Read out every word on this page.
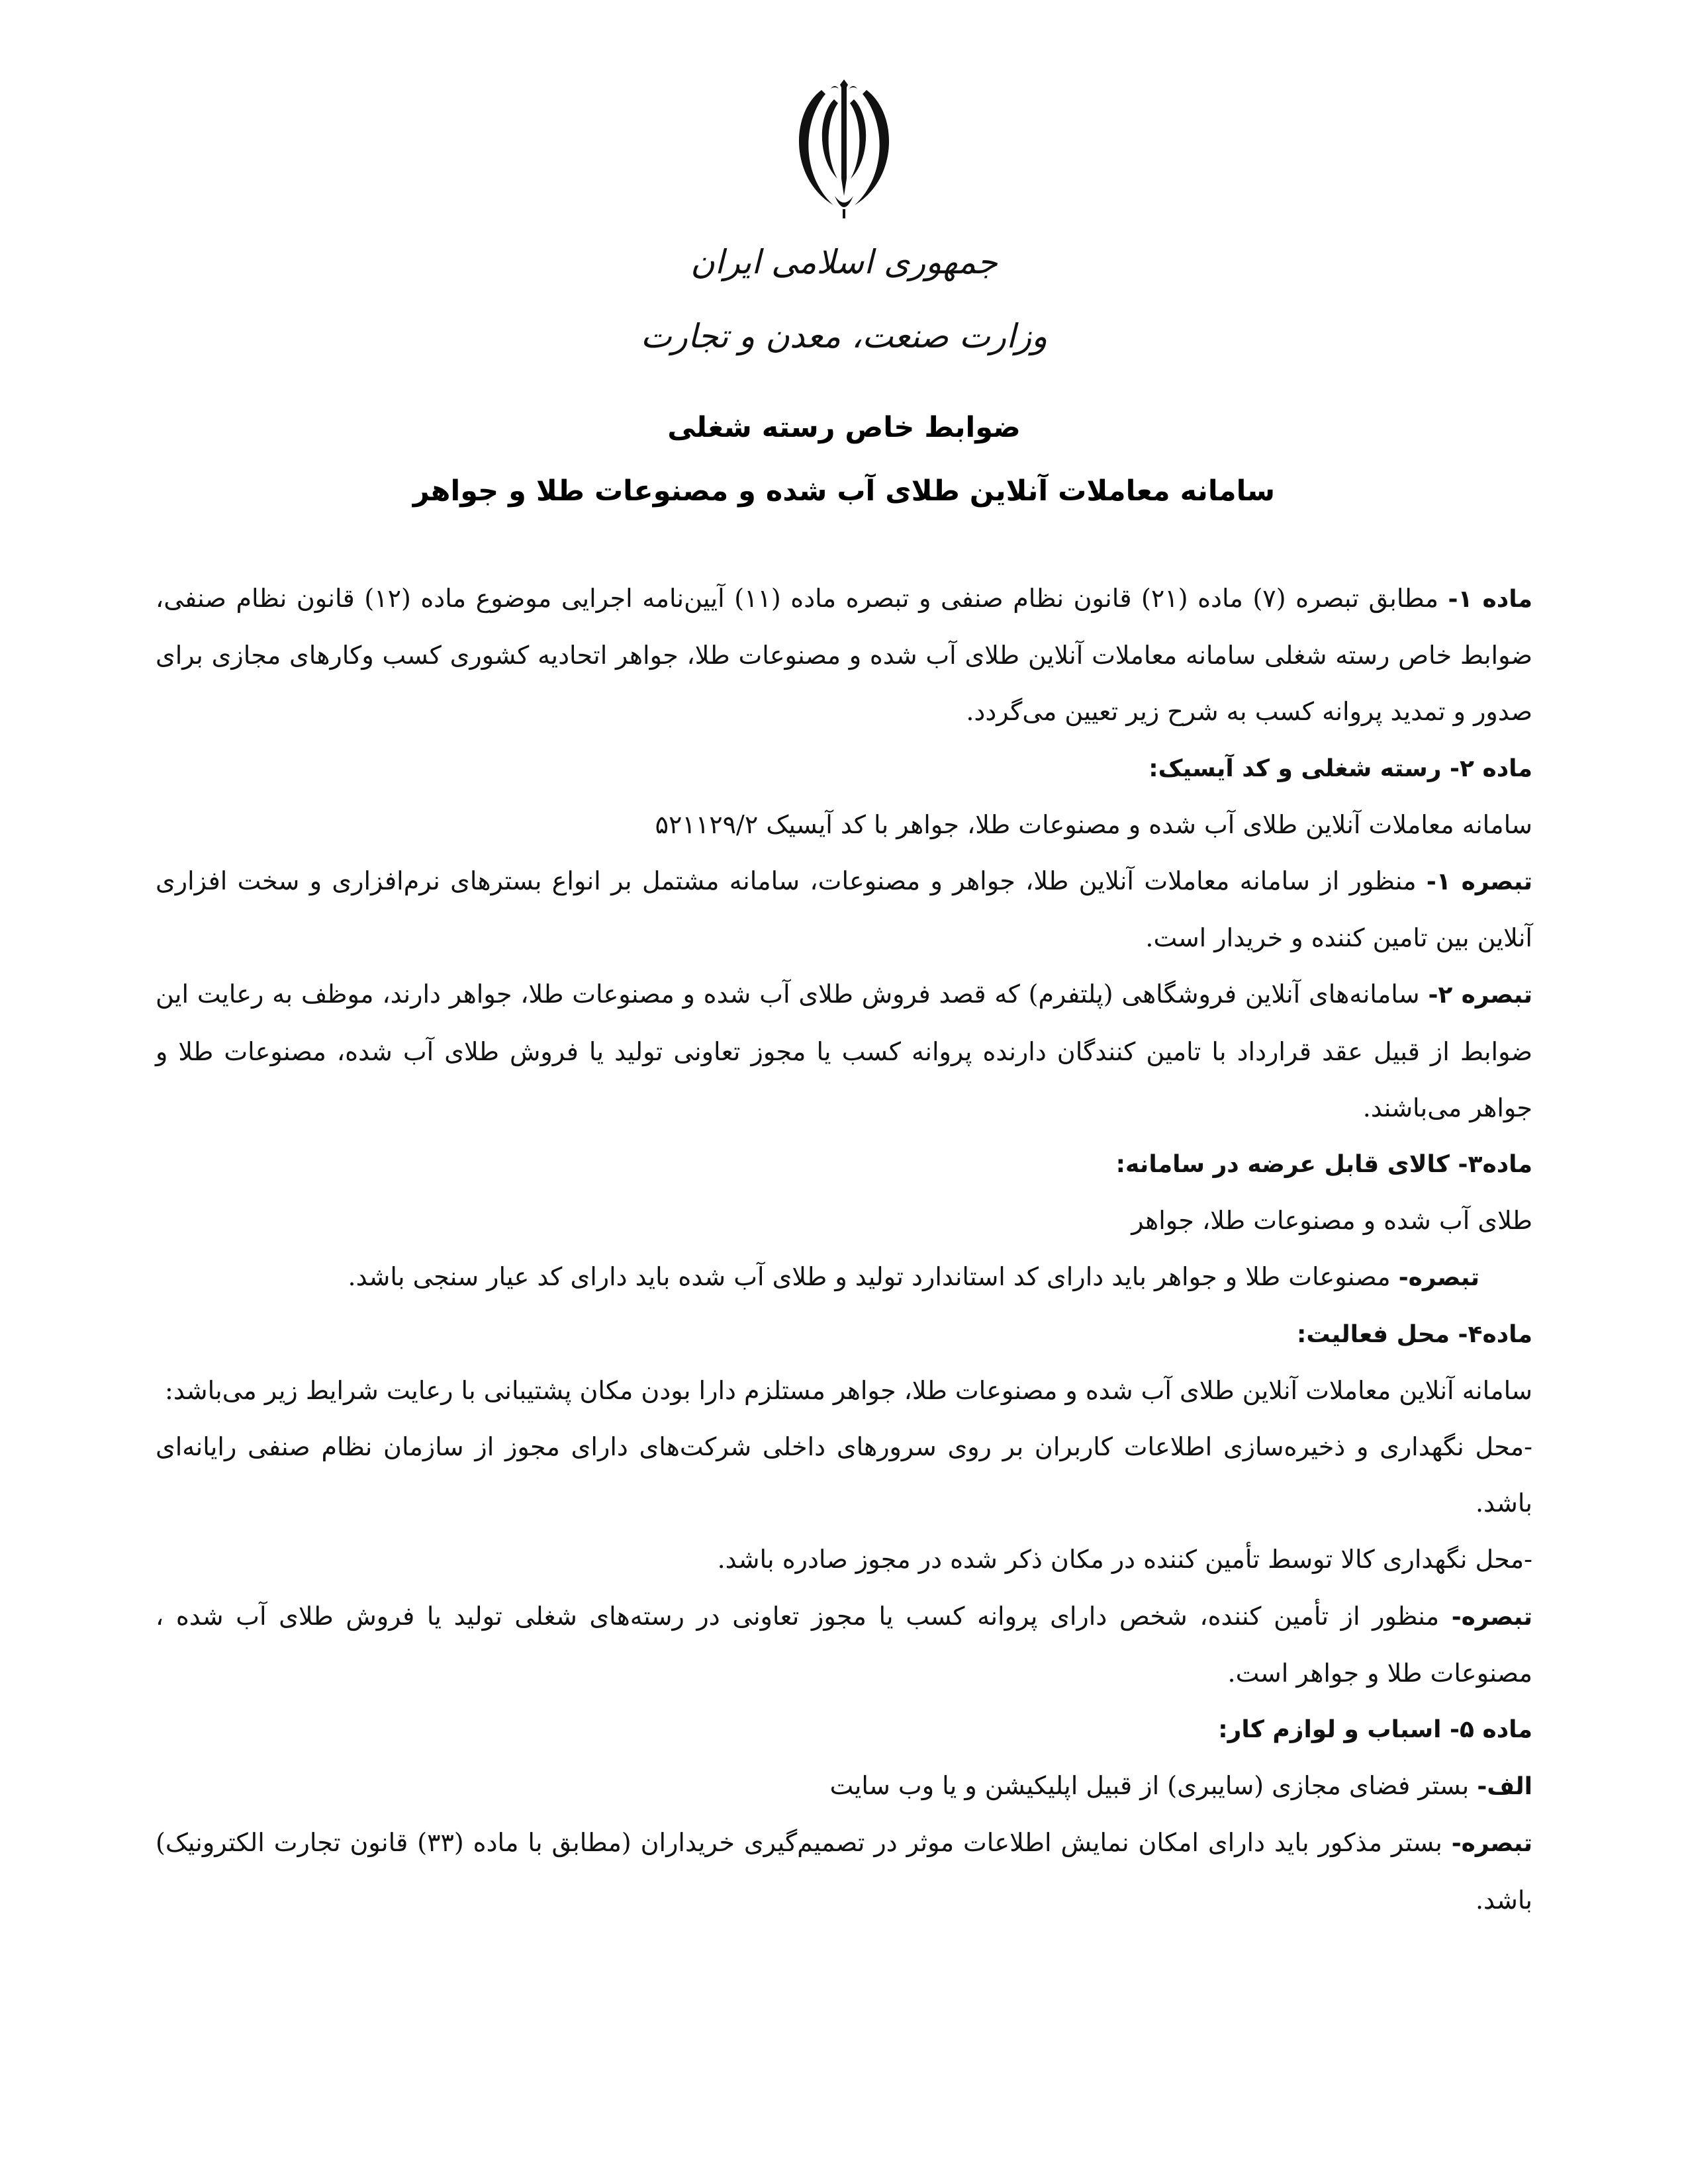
جمهوری اسلامی ایران
وزارت صنعت، معدن و تجارت
ضوابط خاص رسته شغلی
سامانه معاملات آنلاین طلای آب شده و مصنوعات طلا و جواهر

ماده ۱- مطابق تبصره (۷) ماده (۲۱) قانون نظام صنفی و تبصره ماده (۱۱) آیین‌نامه اجرایی موضوع ماده (۱۲) قانون نظام صنفی، ضوابط خاص رسته شغلی سامانه معاملات آنلاین طلای آب شده و مصنوعات طلا، جواهر اتحادیه کشوری کسب وکارهای مجازی برای صدور و تمدید پروانه کسب به شرح زیر تعیین می‌گردد.

ماده ۲- رسته شغلی و کد آیسیک:

سامانه معاملات آنلاین طلای آب شده و مصنوعات طلا، جواهر با کد آیسیک ۵۲۱۱۲۹/۲

تبصره ۱- منظور از سامانه معاملات آنلاین طلا، جواهر و مصنوعات، سامانه مشتمل بر انواع بسترهای نرم‌افزاری و سخت افزاری آنلاین بین تامین کننده و خریدار است.

تبصره ۲- سامانه‌های آنلاین فروشگاهی (پلتفرم) که قصد فروش طلای آب شده و مصنوعات طلا، جواهر دارند، موظف به رعایت این ضوابط از قبیل عقد قرارداد با تامین کنندگان دارنده پروانه کسب یا مجوز تعاونی تولید یا فروش طلای آب شده، مصنوعات طلا و جواهر می‌باشند.

ماده۳- کالای قابل عرضه در سامانه:

طلای آب شده و مصنوعات طلا، جواهر

تبصره- مصنوعات طلا و جواهر باید دارای کد استاندارد تولید و طلای آب شده باید دارای کد عیار سنجی باشد.

ماده۴- محل فعالیت:

سامانه آنلاین معاملات آنلاین طلای آب شده و مصنوعات طلا، جواهر مستلزم دارا بودن مکان پشتیبانی با رعایت شرایط زیر می‌باشد:

-محل نگهداری و ذخیره‌سازی اطلاعات کاربران بر روی سرورهای داخلی شرکت‌های دارای مجوز از سازمان نظام صنفی رایانه‌ای باشد.

-محل نگهداری کالا توسط تأمین کننده در مکان ذکر شده در مجوز صادره باشد.

تبصره- منظور از تأمین کننده، شخص دارای پروانه کسب یا مجوز تعاونی در رسته‌های شغلی تولید یا فروش طلای آب شده ، مصنوعات طلا و جواهر است.

ماده ۵- اسباب و لوازم کار:

الف- بستر فضای مجازی (سایبری) از قبیل اپلیکیشن و یا وب سایت

تبصره- بستر مذکور باید دارای امکان نمایش اطلاعات موثر در تصمیم‌گیری خریداران (مطابق با ماده (۳۳) قانون تجارت الکترونیک) باشد.
